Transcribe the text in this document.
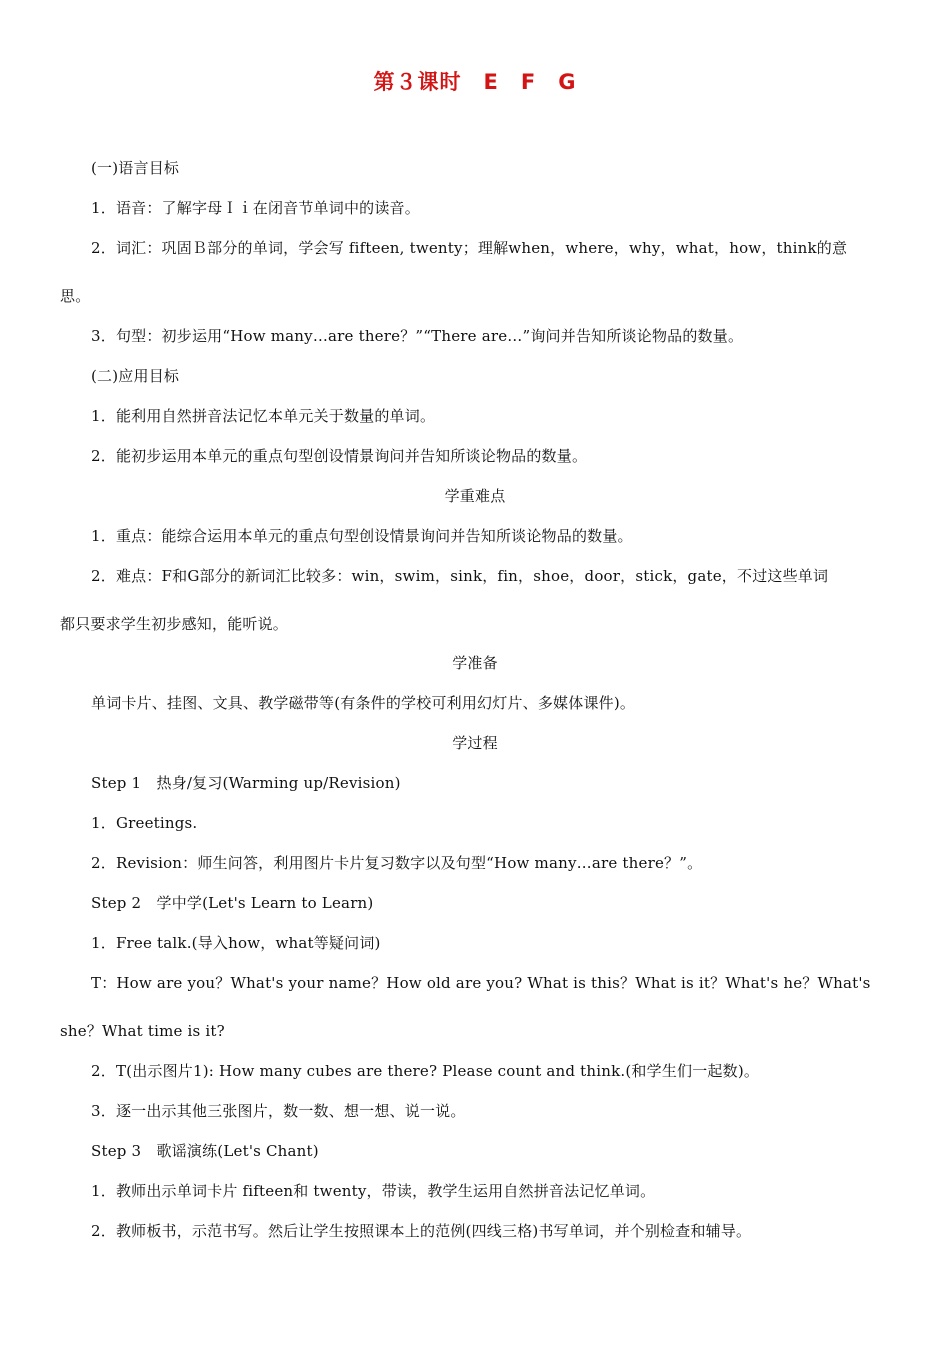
第３课时　E　F　G
(一)语言目标
1．语音：了解字母Ｉｉ在闭音节单词中的读音。
2．词汇：巩固Ｂ部分的单词，学会写 fifteen, twenty；理解when，where，why，what，how，think的意
思。
3．句型：初步运用“How many…are there？”“There are…”询问并告知所谈论物品的数量。
(二)应用目标
1．能利用自然拼音法记忆本单元关于数量的单词。
2．能初步运用本单元的重点句型创设情景询问并告知所谈论物品的数量。
学重难点
1．重点：能综合运用本单元的重点句型创设情景询问并告知所谈论物品的数量。
2．难点：F和G部分的新词汇比较多：win，swim，sink，fin，shoe，door，stick，gate，不过这些单词
都只要求学生初步感知，能听说。
学准备
单词卡片、挂图、文具、教学磁带等(有条件的学校可利用幻灯片、多媒体课件)。
学过程
Step 1　热身/复习(Warming up/Revision)
1．Greetings.
2．Revision：师生问答，利用图片卡片复习数字以及句型“How many…are there？”。
Step 2　学中学(Let's Learn to Learn)
1．Free talk.(导入how，what等疑问词)
T：How are you？What's your name？How old are you? What is this？What is it？What's he？What's
she？What time is it?
2．T(出示图片1): How many cubes are there? Please count and think.(和学生们一起数)。
3．逐一出示其他三张图片，数一数、想一想、说一说。
Step 3　歌谣演练(Let's Chant)
1．教师出示单词卡片 fifteen和 twenty，带读，教学生运用自然拼音法记忆单词。
2．教师板书，示范书写。然后让学生按照课本上的范例(四线三格)书写单词，并个别检查和辅导。
